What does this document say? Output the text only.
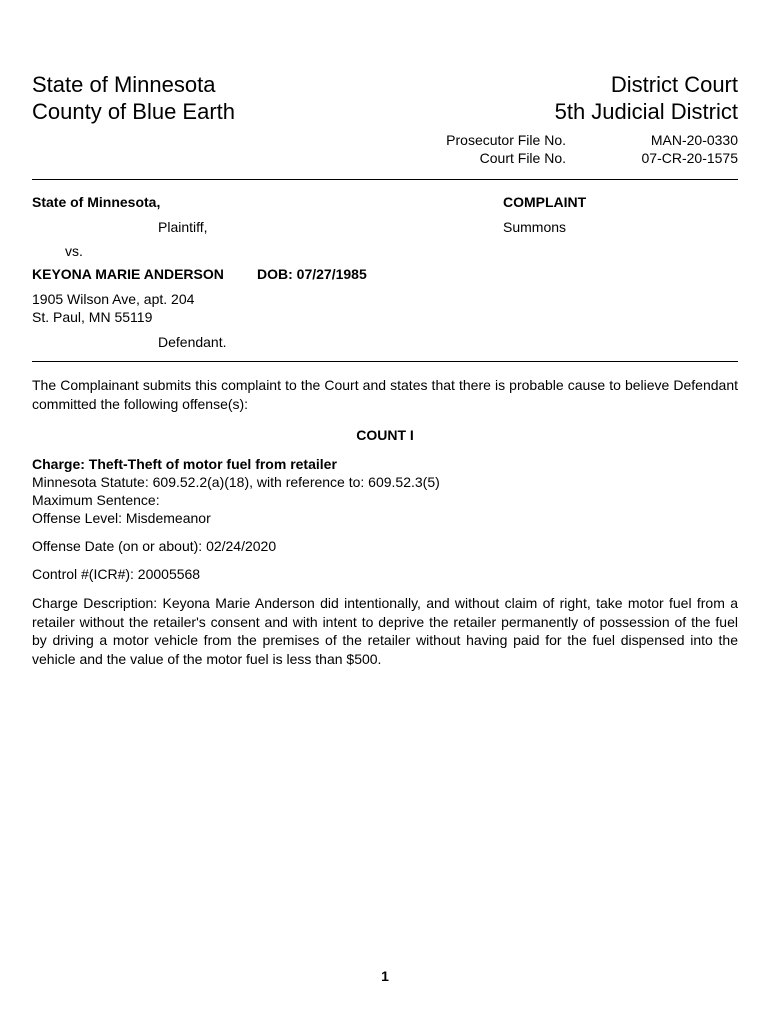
State of Minnesota
County of Blue Earth
District Court
5th Judicial District
Prosecutor File No.	MAN-20-0330
Court File No.	07-CR-20-1575
State of Minnesota,
Plaintiff,
COMPLAINT
Summons
vs.
KEYONA MARIE ANDERSON DOB: 07/27/1985
1905 Wilson Ave, apt. 204
St. Paul, MN 55119
Defendant.
The Complainant submits this complaint to the Court and states that there is probable cause to believe Defendant committed the following offense(s):
COUNT I
Charge: Theft-Theft of motor fuel from retailer
Minnesota Statute: 609.52.2(a)(18), with reference to: 609.52.3(5)
Maximum Sentence:
Offense Level: Misdemeanor
Offense Date (on or about): 02/24/2020
Control #(ICR#): 20005568
Charge Description: Keyona Marie Anderson did intentionally, and without claim of right, take motor fuel from a retailer without the retailer's consent and with intent to deprive the retailer permanently of possession of the fuel by driving a motor vehicle from the premises of the retailer without having paid for the fuel dispensed into the vehicle and the value of the motor fuel is less than $500.
1
